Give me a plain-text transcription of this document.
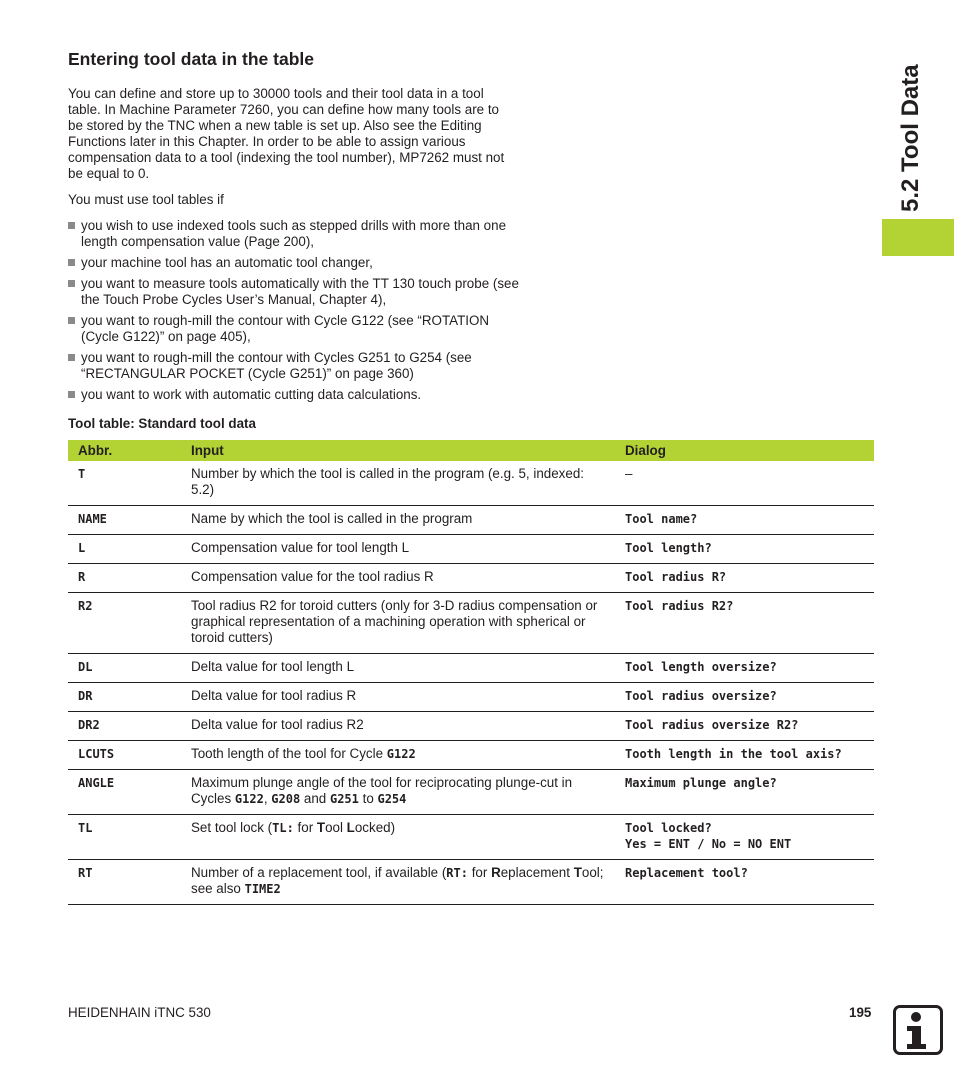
5.2 Tool Data
Entering tool data in the table

You can define and store up to 30000 tools and their tool data in a tool table. In Machine Parameter 7260, you can define how many tools are to be stored by the TNC when a new table is set up. Also see the Editing Functions later in this Chapter. In order to be able to assign various compensation data to a tool (indexing the tool number), MP7262 must not be equal to 0.

You must use tool tables if

you wish to use indexed tools such as stepped drills with more than one length compensation value (Page 200),
your machine tool has an automatic tool changer,
you want to measure tools automatically with the TT 130 touch probe (see the Touch Probe Cycles User’s Manual, Chapter 4),
you want to rough-mill the contour with Cycle G122 (see “ROTATION (Cycle G122)” on page 405),
you want to rough-mill the contour with Cycles G251 to G254 (see “RECTANGULAR POCKET (Cycle G251)” on page 360)
you want to work with automatic cutting data calculations.

Tool table: Standard tool data

Abbr.	Input	Dialog
T	Number by which the tool is called in the program (e.g. 5, indexed: 5.2)	–
NAME	Name by which the tool is called in the program	Tool name?
L	Compensation value for tool length L	Tool length?
R	Compensation value for the tool radius R	Tool radius R?
R2	Tool radius R2 for toroid cutters (only for 3-D radius compensation or graphical representation of a machining operation with spherical or toroid cutters)	Tool radius R2?
DL	Delta value for tool length L	Tool length oversize?
DR	Delta value for tool radius R	Tool radius oversize?
DR2	Delta value for tool radius R2	Tool radius oversize R2?
LCUTS	Tooth length of the tool for Cycle G122	Tooth length in the tool axis?
ANGLE	Maximum plunge angle of the tool for reciprocating plunge-cut in Cycles G122, G208 and G251 to G254	Maximum plunge angle?
TL	Set tool lock (TL: for Tool Locked)	Tool locked?
Yes = ENT / No = NO ENT

RT	Number of a replacement tool, if available (RT: for Replacement Tool; see also TIME2	Replacement tool?

HEIDENHAIN iTNC 530	195
